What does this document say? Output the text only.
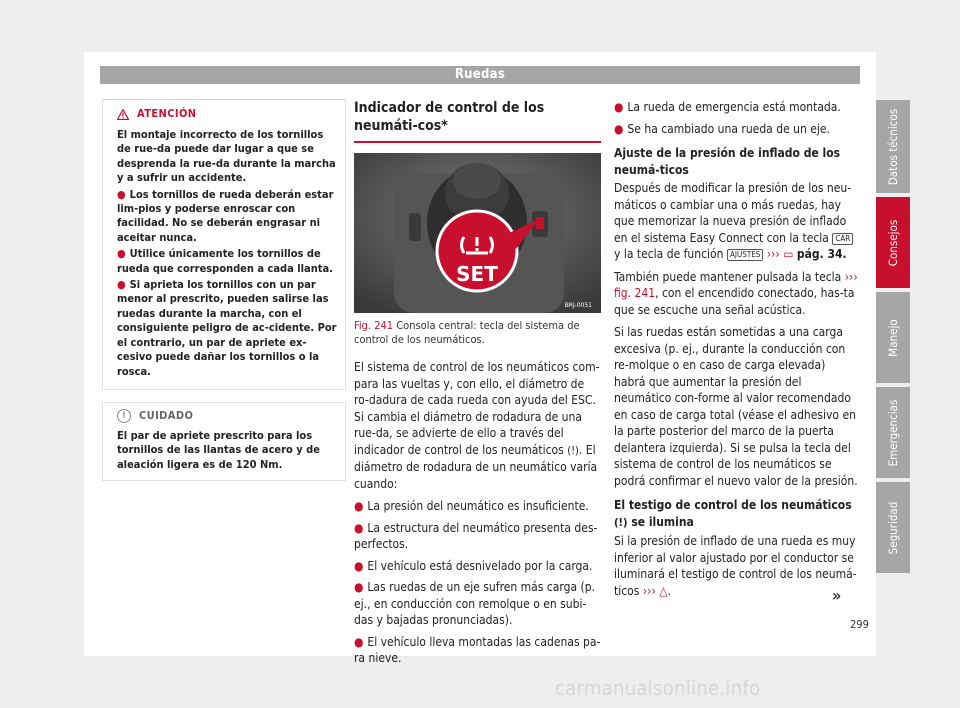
Ruedas
ATENCIÓN

El montaje incorrecto de los tornillos de rue-da puede dar lugar a que se desprenda la rue-da durante la marcha y a sufrir un accidente.

● Los tornillos de rueda deberán estar lim-pios y poderse enroscar con facilidad. No se deberán engrasar ni aceitar nunca.

● Utilice únicamente los tornillos de rueda que corresponden a cada llanta.

● Si aprieta los tornillos con un par menor al prescrito, pueden salirse las ruedas durante la marcha, con el consiguiente peligro de ac-cidente. Por el contrario, un par de apriete ex-cesivo puede dañar los tornillos o la rosca.

!	CUIDADO
El par de apriete prescrito para los tornillos de las llantas de acero y de aleación ligera es de 120 Nm.
Indicador de control de los neumáti-cos*
SET
BRJ-0051
Fig. 241 Consola central: tecla del sistema de control de los neumáticos.

El sistema de control de los neumáticos com-para las vueltas y, con ello, el diámetro de ro-dadura de cada rueda con ayuda del ESC. Si cambia el diámetro de rodadura de una rue-da, se advierte de ello a través del indicador de control de los neumáticos (!). El diámetro de rodadura de un neumático varía cuando:

● La presión del neumático es insuficiente.
● La estructura del neumático presenta des-perfectos.
● El vehículo está desnivelado por la carga.
● Las ruedas de un eje sufren más carga (p. ej., en conducción con remolque o en subi-das y bajadas pronunciadas).
● El vehículo lleva montadas las cadenas pa-ra nieve.
● La rueda de emergencia está montada.
● Se ha cambiado una rueda de un eje.

Ajuste de la presión de inflado de los neumá-ticos

Después de modificar la presión de los neu-máticos o cambiar una o más ruedas, hay que memorizar la nueva presión de inflado en el sistema Easy Connect con la tecla CAR y la tecla de función AJUSTES ››› ▭ pág. 34.

También puede mantener pulsada la tecla ››› fig. 241, con el encendido conectado, has-ta que se escuche una señal acústica.

Si las ruedas están sometidas a una carga excesiva (p. ej., durante la conducción con re-molque o en caso de carga elevada) habrá que aumentar la presión del neumático con-forme al valor recomendado en caso de carga total (véase el adhesivo en la parte posterior del marco de la puerta delantera izquierda). Si se pulsa la tecla del sistema de control de los neumáticos se podrá confirmar el nuevo valor de la presión.

El testigo de control de los neumáticos (!) se ilumina

Si la presión de inflado de una rueda es muy inferior al valor ajustado por el conductor se iluminará el testigo de control de los neumá-ticos ››› △.	»
Datos técnicos
Consejos
Manejo
Emergencias
Seguridad
299
carmanualsonline.info
